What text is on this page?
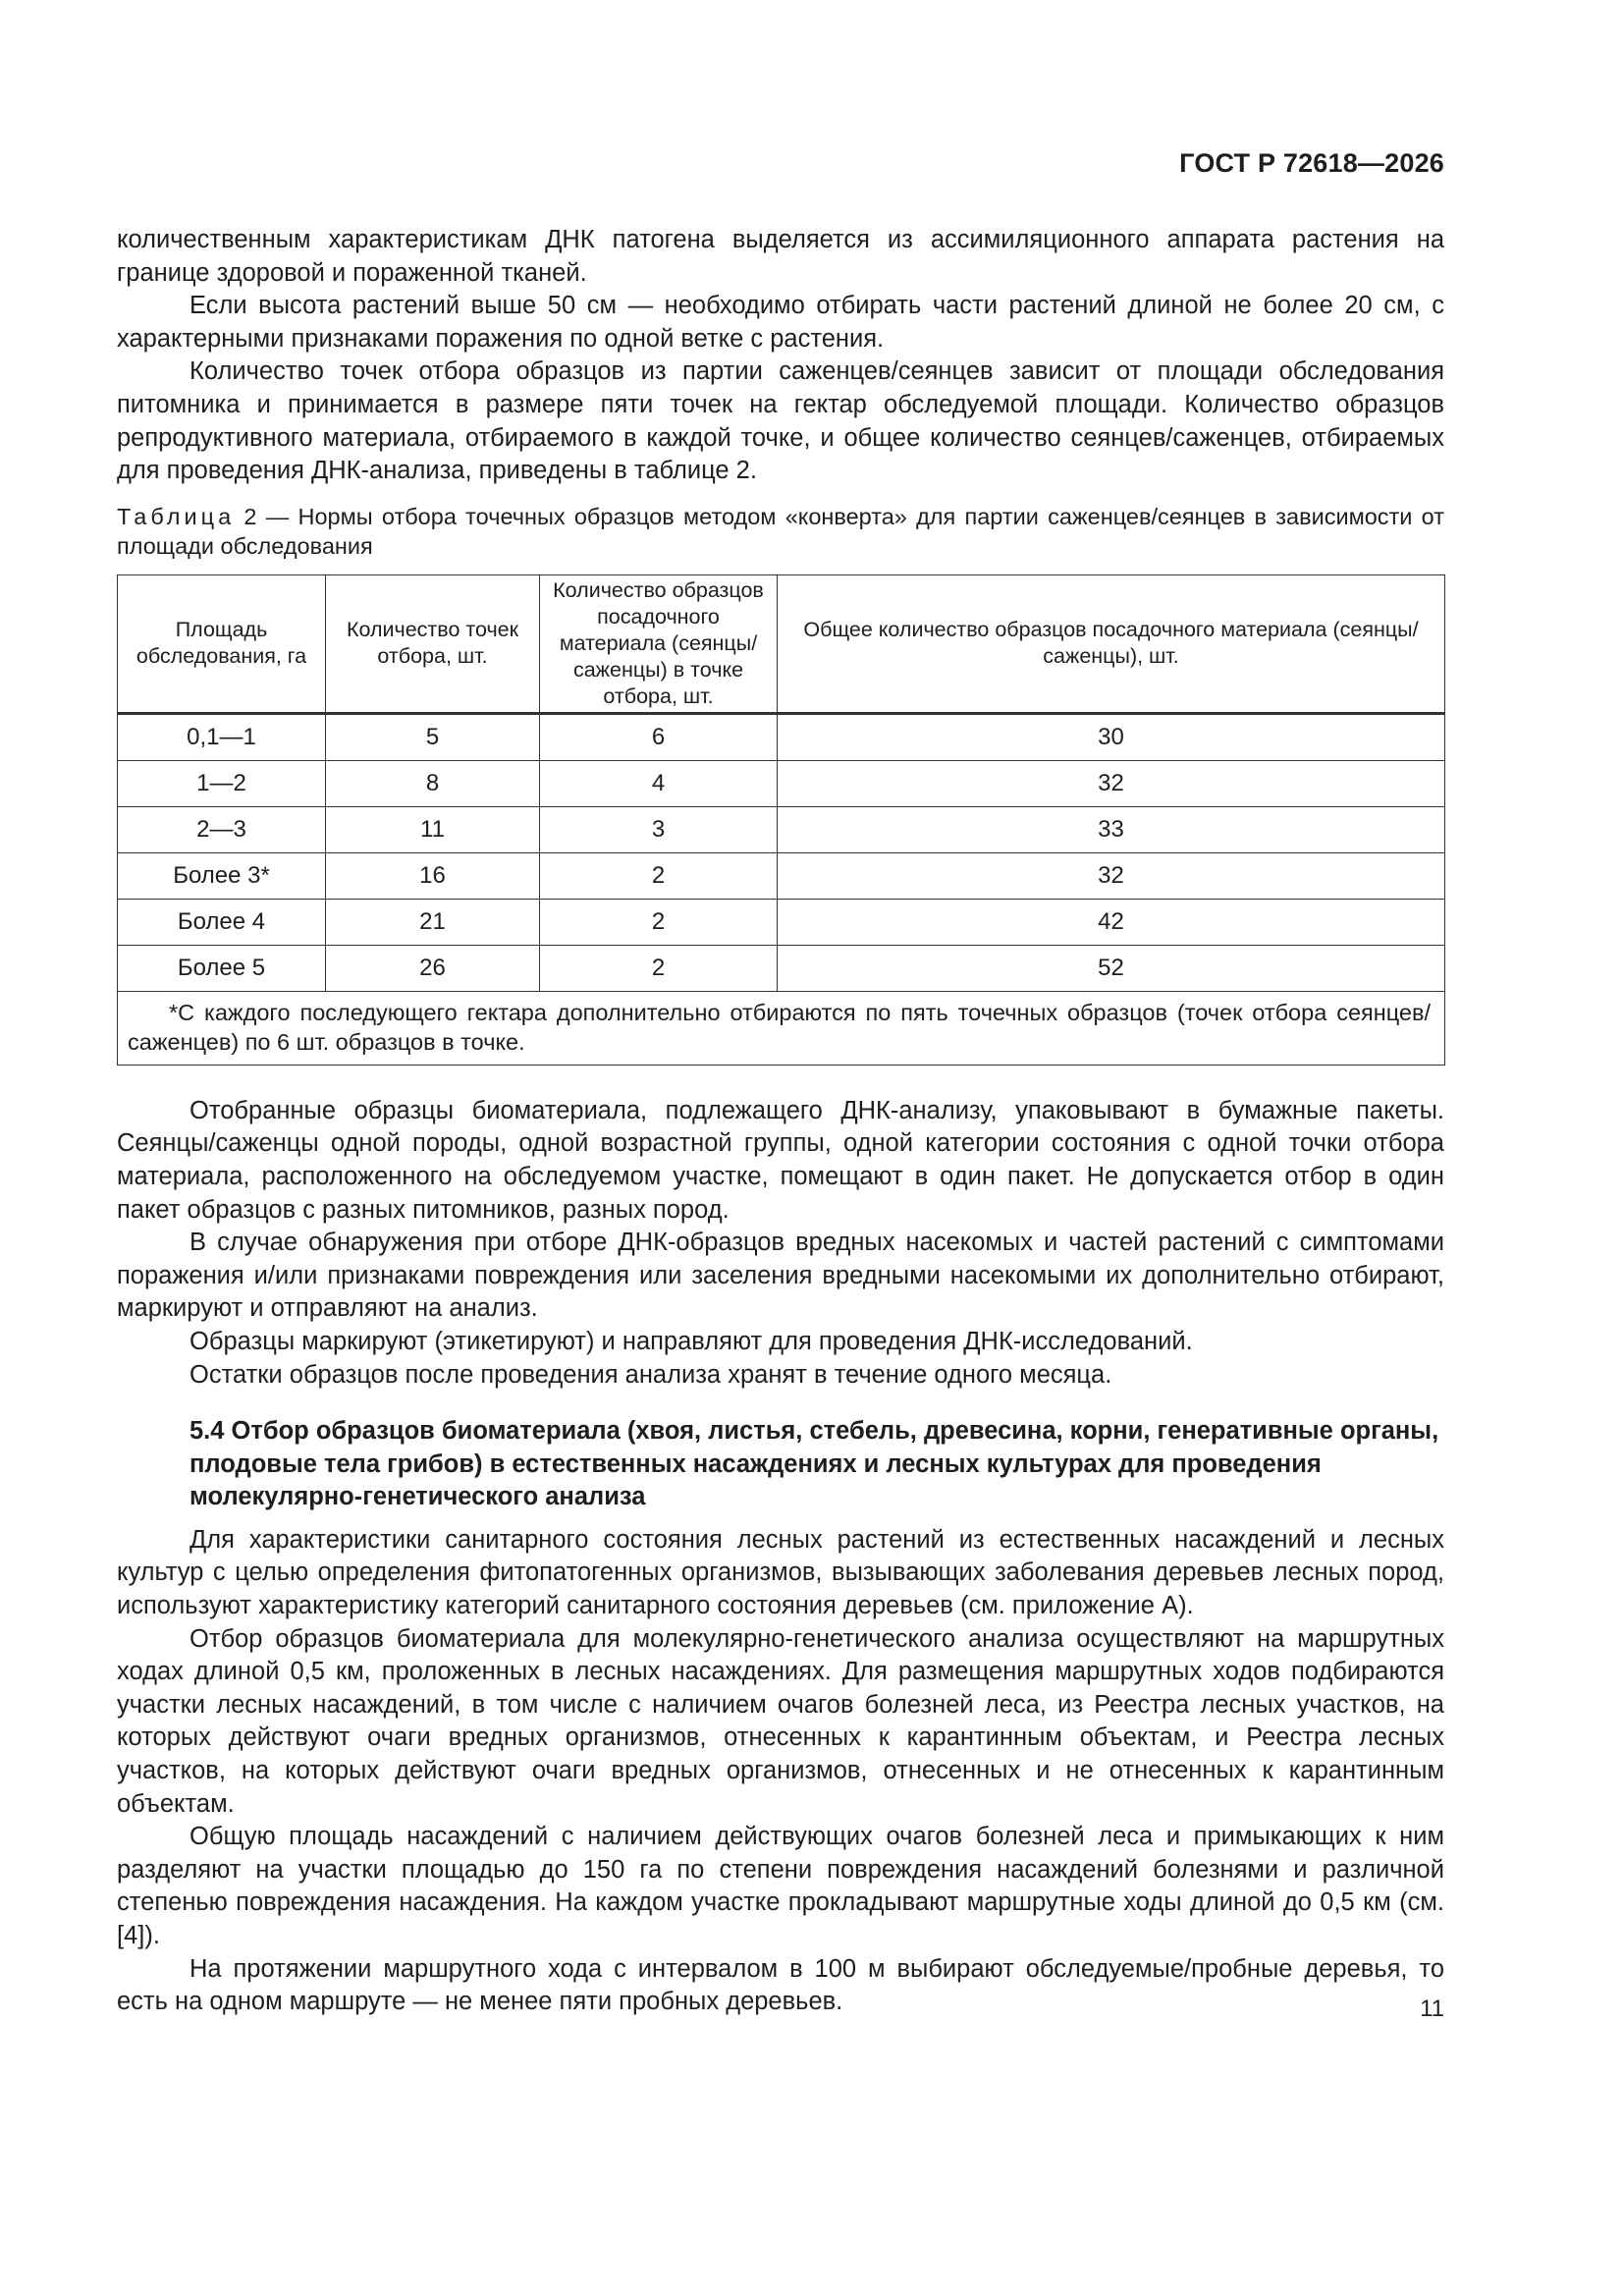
ГОСТ Р 72618—2026

количественным характеристикам ДНК патогена выделяется из ассимиляционного аппарата растения на границе здоровой и пораженной тканей.

Если высота растений выше 50 см — необходимо отбирать части растений длиной не более 20 см, с характерными признаками поражения по одной ветке с растения.

Количество точек отбора образцов из партии саженцев/сеянцев зависит от площади обследования питомника и принимается в размере пяти точек на гектар обследуемой площади. Количество образцов репродуктивного материала, отбираемого в каждой точке, и общее количество сеянцев/саженцев, отбираемых для проведения ДНК-анализа, приведены в таблице 2.

Таблица 2 — Нормы отбора точечных образцов методом «конверта» для партии саженцев/сеянцев в зависимости от площади обследования

Площадь обследования, га	Количество точек отбора, шт.	Количество образцов посадочного материала (сеянцы/ саженцы) в точке отбора, шт.	Общее количество образцов посадочного материала (сеянцы/саженцы), шт.
0,1—1	5	6	30
1—2	8	4	32
2—3	11	3	33
Более 3*	16	2	32
Более 4	21	2	42
Более 5	26	2	52
*С каждого последующего гектара дополнительно отбираются по пять точечных образцов (точек отбора сеянцев/саженцев) по 6 шт. образцов в точке.			

Отобранные образцы биоматериала, подлежащего ДНК-анализу, упаковывают в бумажные пакеты. Сеянцы/саженцы одной породы, одной возрастной группы, одной категории состояния с одной точки отбора материала, расположенного на обследуемом участке, помещают в один пакет. Не допускается отбор в один пакет образцов с разных питомников, разных пород.

В случае обнаружения при отборе ДНК-образцов вредных насекомых и частей растений с симптомами поражения и/или признаками повреждения или заселения вредными насекомыми их дополнительно отбирают, маркируют и отправляют на анализ.

Образцы маркируют (этикетируют) и направляют для проведения ДНК-исследований.

Остатки образцов после проведения анализа хранят в течение одного месяца.

5.4 Отбор образцов биоматериала (хвоя, листья, стебель, древесина, корни, генеративные органы, плодовые тела грибов) в естественных насаждениях и лесных культурах для проведения молекулярно-генетического анализа

Для характеристики санитарного состояния лесных растений из естественных насаждений и лесных культур с целью определения фитопатогенных организмов, вызывающих заболевания деревьев лесных пород, используют характеристику категорий санитарного состояния деревьев (см. приложение А).

Отбор образцов биоматериала для молекулярно-генетического анализа осуществляют на маршрутных ходах длиной 0,5 км, проложенных в лесных насаждениях. Для размещения маршрутных ходов подбираются участки лесных насаждений, в том числе с наличием очагов болезней леса, из Реестра лесных участков, на которых действуют очаги вредных организмов, отнесенных к карантинным объектам, и Реестра лесных участков, на которых действуют очаги вредных организмов, отнесенных и не отнесенных к карантинным объектам.

Общую площадь насаждений с наличием действующих очагов болезней леса и примыкающих к ним разделяют на участки площадью до 150 га по степени повреждения насаждений болезнями и различной степенью повреждения насаждения. На каждом участке прокладывают маршрутные ходы длиной до 0,5 км (см. [4]).

На протяжении маршрутного хода с интервалом в 100 м выбирают обследуемые/пробные деревья, то есть на одном маршруте — не менее пяти пробных деревьев.	11
